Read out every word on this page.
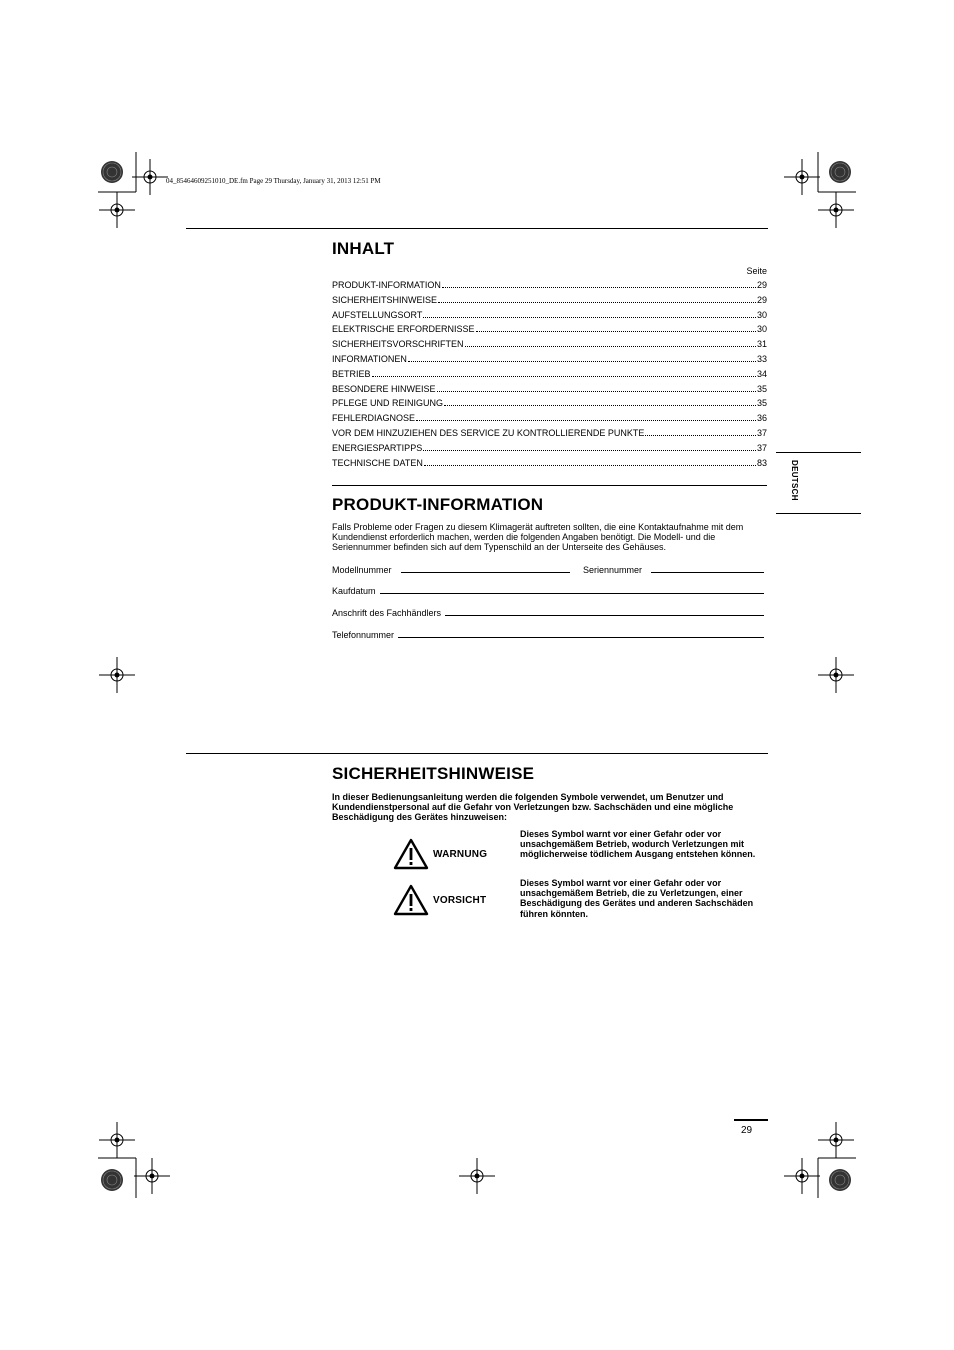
04_85464609251010_DE.fm Page 29 Thursday, January 31, 2013 12:51 PM
DEUTSCH
INHALT
Seite
PRODUKT-INFORMATION	29
SICHERHEITSHINWEISE	29
AUFSTELLUNGSORT	30
ELEKTRISCHE ERFORDERNISSE	30
SICHERHEITSVORSCHRIFTEN	31
INFORMATIONEN	33
BETRIEB	34
BESONDERE HINWEISE	35
PFLEGE UND REINIGUNG	35
FEHLERDIAGNOSE	36
VOR DEM HINZUZIEHEN DES SERVICE ZU KONTROLLIERENDE PUNKTE	37
ENERGIESPARTIPPS	37
TECHNISCHE DATEN	83
PRODUKT-INFORMATION
Falls Probleme oder Fragen zu diesem Klimagerät auftreten sollten, die eine Kontaktaufnahme mit dem Kundendienst erforderlich machen, werden die folgenden Angaben benötigt. Die Modell- und die Seriennummer befinden sich auf dem Typenschild an der Unterseite des Gehäuses.
Modellnummer	Seriennummer
Kaufdatum
Anschrift des Fachhändlers
Telefonnummer
SICHERHEITSHINWEISE
In dieser Bedienungsanleitung werden die folgenden Symbole verwendet, um Benutzer und Kundendienstpersonal auf die Gefahr von Verletzungen bzw. Sachschäden und eine mögliche Beschädigung des Gerätes hinzuweisen:
WARNUNG
Dieses Symbol warnt vor einer Gefahr oder vor unsachgemäßem Betrieb, wodurch Verletzungen mit möglicherweise tödlichem Ausgang entstehen können.
VORSICHT
Dieses Symbol warnt vor einer Gefahr oder vor unsachgemäßem Betrieb, die zu Verletzungen, einer Beschädigung des Gerätes und anderen Sachschäden führen könnten.
29
